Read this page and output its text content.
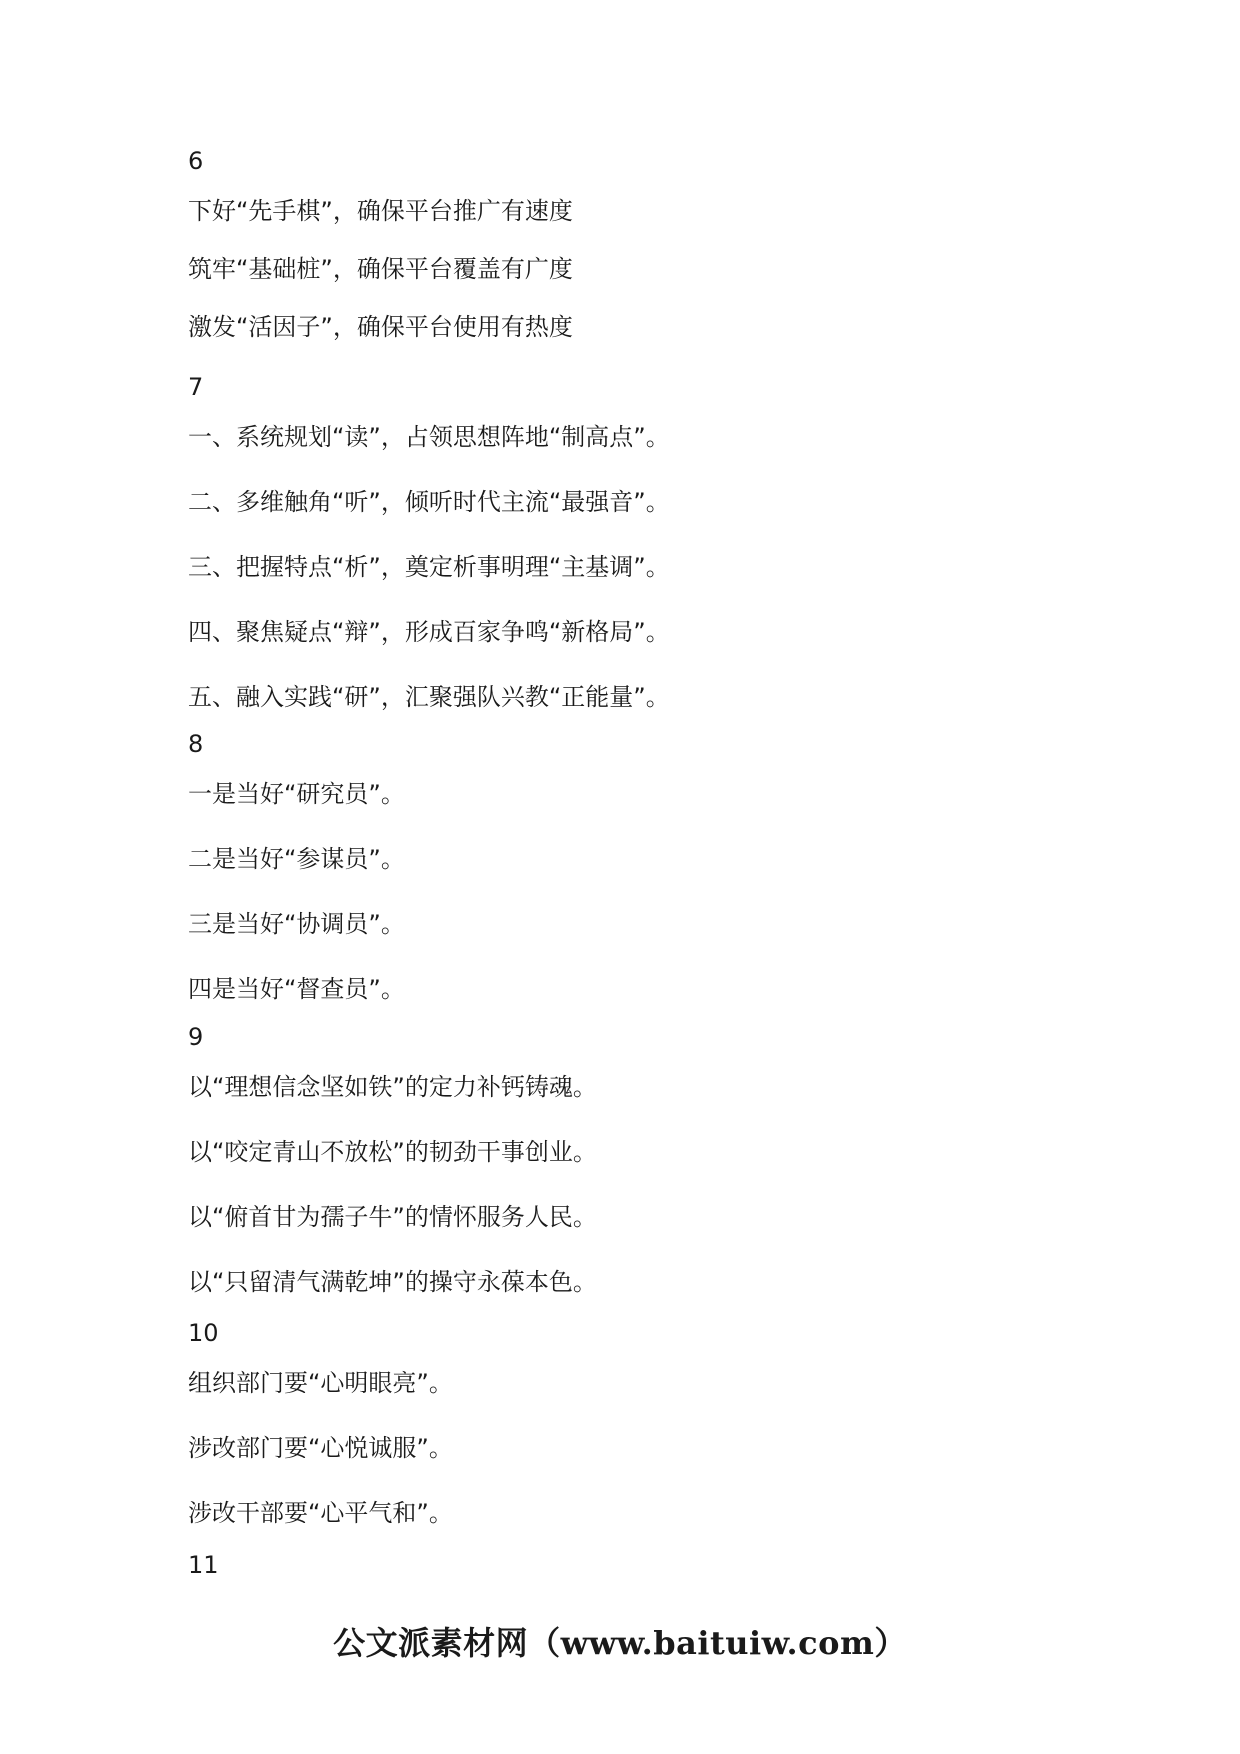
6
下好“先手棋”，确保平台推广有速度
筑牢“基础桩”，确保平台覆盖有广度
激发“活因子”，确保平台使用有热度
7
一、系统规划“读”，占领思想阵地“制高点”。
二、多维触角“听”，倾听时代主流“最强音”。
三、把握特点“析”，奠定析事明理“主基调”。
四、聚焦疑点“辩”，形成百家争鸣“新格局”。
五、融入实践“研”，汇聚强队兴教“正能量”。
8
一是当好“研究员”。
二是当好“参谋员”。
三是当好“协调员”。
四是当好“督查员”。
9
以“理想信念坚如铁”的定力补钙铸魂。
以“咬定青山不放松”的韧劲干事创业。
以“俯首甘为孺子牛”的情怀服务人民。
以“只留清气满乾坤”的操守永葆本色。
10
组织部门要“心明眼亮”。
涉改部门要“心悦诚服”。
涉改干部要“心平气和”。
11
公文派素材网（www.baituiw.com）
